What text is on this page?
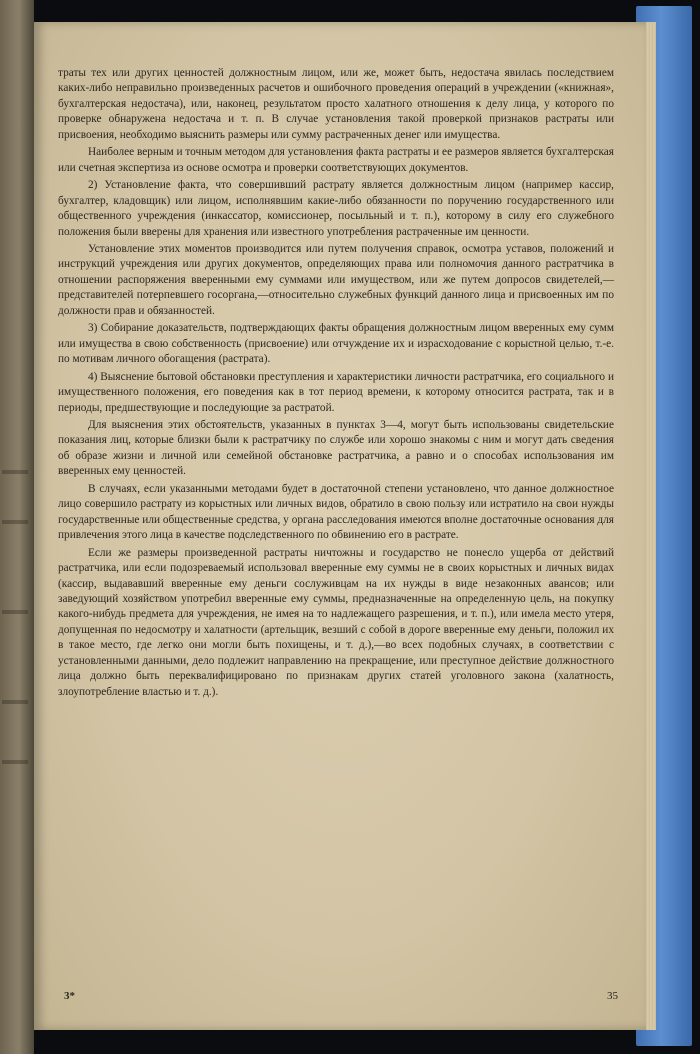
траты тех или других ценностей должностным лицом, или же, может быть, недостача явилась последствием каких-либо неправильно произведенных расчетов и ошибочного проведения операций в учреждении («книжная», бухгалтерская недостача), или, наконец, результатом просто халатного отношения к делу лица, у которого по проверке обнаружена недостача и т. п. В случае установления такой проверкой признаков растраты или присвоения, необходимо выяснить размеры или сумму растраченных денег или имущества.

Наиболее верным и точным методом для установления факта растраты и ее размеров является бухгалтерская или счетная экспертиза из основе осмотра и проверки соответствующих документов.

2) Установление факта, что совершивший растрату является должностным лицом (например кассир, бухгалтер, кладовщик) или лицом, исполнявшим какие-либо обязанности по поручению государственного или общественного учреждения (инкассатор, комиссионер, посыльный и т. п.), которому в силу его служебного положения были вверены для хранения или известного употребления растраченные им ценности.

Установление этих моментов производится или путем получения справок, осмотра уставов, положений и инструкций учреждения или других документов, определяющих права или полномочия данного растратчика в отношении распоряжения вверенными ему суммами или имуществом, или же путем допросов свидетелей,—представителей потерпевшего госоргана,—относительно служебных функций данного лица и присвоенных им по должности прав и обязанностей.

3) Собирание доказательств, подтверждающих факты обращения должностным лицом вверенных ему сумм или имущества в свою собственность (присвоение) или отчуждение их и израсходование с корыстной целью, т.-е. по мотивам личного обогащения (растрата).

4) Выяснение бытовой обстановки преступления и характеристики личности растратчика, его социального и имущественного положения, его поведения как в тот период времени, к которому относится растрата, так и в периоды, предшествующие и последующие за растратой.

Для выяснения этих обстоятельств, указанных в пунктах 3—4, могут быть использованы свидетельские показания лиц, которые близки были к растратчику по службе или хорошо знакомы с ним и могут дать сведения об образе жизни и личной или семейной обстановке растратчика, а равно и о способах использования им вверенных ему ценностей.

В случаях, если указанными методами будет в достаточной степени установлено, что данное должностное лицо совершило растрату из корыстных или личных видов, обратило в свою пользу или истратило на свои нужды государственные или общественные средства, у органа расследования имеются вполне достаточные основания для привлечения этого лица в качестве подследственного по обвинению его в растрате.

Если же размеры произведенной растраты ничтожны и государство не понесло ущерба от действий растратчика, или если подозреваемый использовал вверенные ему суммы не в своих корыстных и личных видах (кассир, выдававший вверенные ему деньги сослуживцам на их нужды в виде незаконных авансов; или заведующий хозяйством употребил вверенные ему суммы, предназначенные на определенную цель, на покупку какого-нибудь предмета для учреждения, не имея на то надлежащего разрешения, и т. п.), или имела место утеря, допущенная по недосмотру и халатности (артельщик, везший с собой в дороге вверенные ему деньги, положил их в такое место, где легко они могли быть похищены, и т. д.),—во всех подобных случаях, в соответствии с установленными данными, дело подлежит направлению на прекращение, или преступное действие должностного лица должно быть переквалифицировано по признакам других статей уголовного закона (халатность, злоупотребление властью и т. д.).

3*	35
